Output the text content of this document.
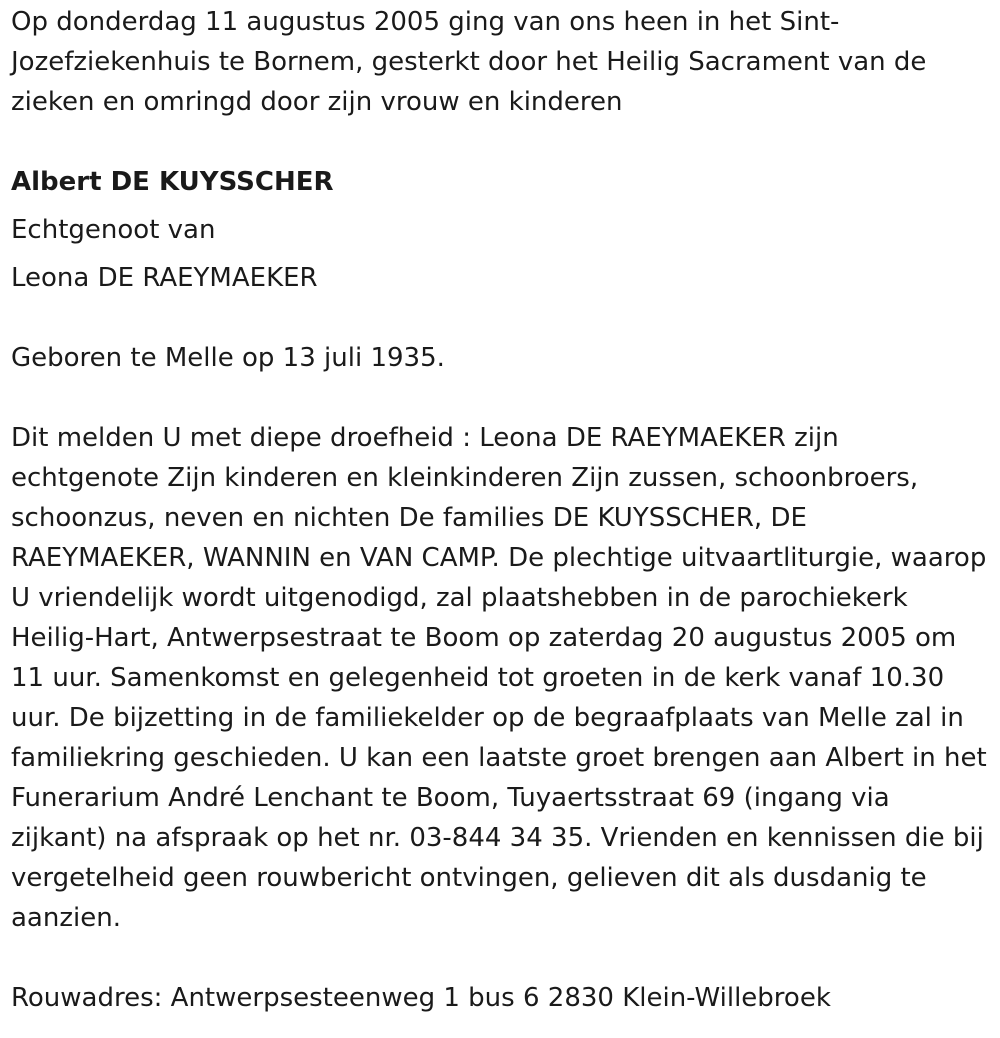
Op donderdag 11 augustus 2005 ging van ons heen in het Sint-Jozefziekenhuis te Bornem, gesterkt door het Heilig Sacrament van de zieken en omringd door zijn vrouw en kinderen

Albert DE KUYSSCHER

Echtgenoot van

Leona DE RAEYMAEKER

Geboren te Melle op 13 juli 1935.

Dit melden U met diepe droefheid : Leona DE RAEYMAEKER zijn echtgenote Zijn kinderen en kleinkinderen Zijn zussen, schoonbroers, schoonzus, neven en nichten De families DE KUYSSCHER, DE RAEYMAEKER, WANNIN en VAN CAMP. De plechtige uitvaartliturgie, waarop U vriendelijk wordt uitgenodigd, zal plaatshebben in de parochiekerk Heilig-Hart, Antwerpsestraat te Boom op zaterdag 20 augustus 2005 om 11 uur. Samenkomst en gelegenheid tot groeten in de kerk vanaf 10.30 uur. De bijzetting in de familiekelder op de begraafplaats van Melle zal in familiekring geschieden. U kan een laatste groet brengen aan Albert in het Funerarium André Lenchant te Boom, Tuyaertsstraat 69 (ingang via zijkant) na afspraak op het nr. 03-844 34 35. Vrienden en kennissen die bij vergetelheid geen rouwbericht ontvingen, gelieven dit als dusdanig te aanzien.

Rouwadres: Antwerpsesteenweg 1 bus 6 2830 Klein-Willebroek
